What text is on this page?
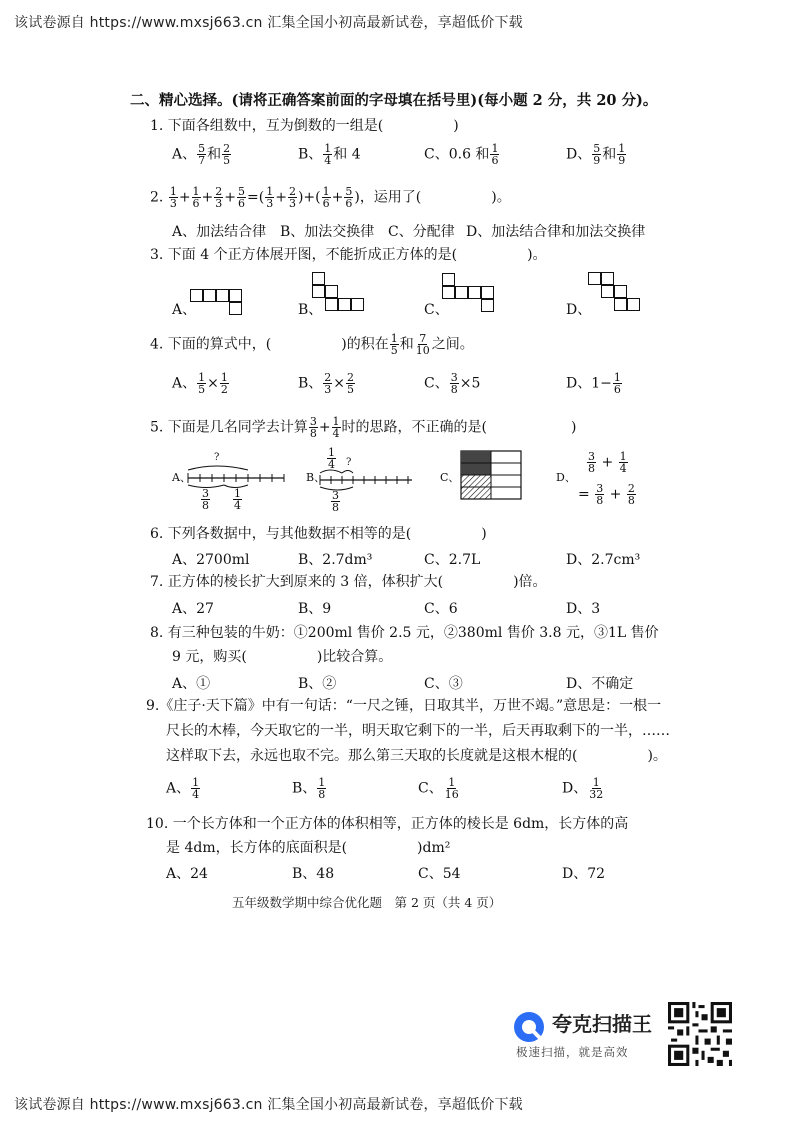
该试卷源自 https://www.mxsj663.cn 汇集全国小初高最新试卷，享超低价下载
二、精心选择。(请将正确答案前面的字母填在括号里)(每小题 2 分，共 20 分)。
1. 下面各组数中，互为倒数的一组是(　　　　　)
A、 $\frac{5}{7}$ 和 $\frac{2}{5}$	B、 $\frac{1}{4}$ 和 4	C、0.6 和 $\frac{1}{6}$	D、 $\frac{5}{9}$ 和 $\frac{1}{9}$
2. $\frac{1}{3} + \frac{1}{6} + \frac{2}{3} + \frac{5}{6}$ =( $\frac{1}{3} + \frac{2}{3}$ )+( $\frac{1}{6} + \frac{5}{6}$ )，运用了(　　　　　)。
A、加法结合律 B、加法交换律 C、分配律 D、加法结合律和加法交换律
3. 下面 4 个正方体展开图，不能折成正方体的是(　　　　　)。
A、	B、	C、	D、
4. 下面的算式中，(　　　　　)的积在 $\frac{1}{5}$ 和 $\frac{7}{10}$ 之间。
A、 $\frac{1}{5} \times \frac{1}{2}$	B、 $\frac{2}{3} \times \frac{2}{5}$	C、 $\frac{3}{8} \times 5$	D、$1- \frac{1}{6}$
5. 下面是几名同学去计算 $\frac{3}{8} + \frac{1}{4}$ 时的思路，不正确的是(　　　　　　)
A、
?
$\frac{3}{8} \frac{1}{4}$
B、
$\frac{1}{4}$ ?
$\frac{3}{8}$
C、	D、
$\frac{3}{8} + \frac{1}{4}$
= $\frac{3}{8} + \frac{2}{8}$
6. 下列各数据中，与其他数据不相等的是(　　　　　)
A、2700ml	B、2.7dm³	C、2.7L	D、2.7cm³
7. 正方体的棱长扩大到原来的 3 倍，体积扩大(　　　　　)倍。
A、27	B、9	C、6	D、3
8. 有三种包装的牛奶：①200ml 售价 2.5 元，②380ml 售价 3.8 元，③1L 售价
9 元，购买(　　　　　)比较合算。
A、①	B、②	C、③	D、不确定
9.《庄子·天下篇》中有一句话：“一尺之锤，日取其半，万世不竭。”意思是：一根一
尺长的木棒，今天取它的一半，明天取它剩下的一半，后天再取剩下的一半，……
这样取下去，永远也取不完。那么第三天取的长度就是这根木棍的(　　　　　)。
A、 $\frac{1}{4}$	B、 $\frac{1}{8}$	C、 $\frac{1}{16}$	D、 $\frac{1}{32}$
10. 一个长方体和一个正方体的体积相等，正方体的棱长是 6dm，长方体的高
是 4dm，长方体的底面积是(　　　　　)dm²
A、24	B、48	C、54	D、72
五年级数学期中综合优化题　第 2 页（共 4 页）
夸克扫描王
极速扫描，就是高效
该试卷源自 https://www.mxsj663.cn 汇集全国小初高最新试卷，享超低价下载
